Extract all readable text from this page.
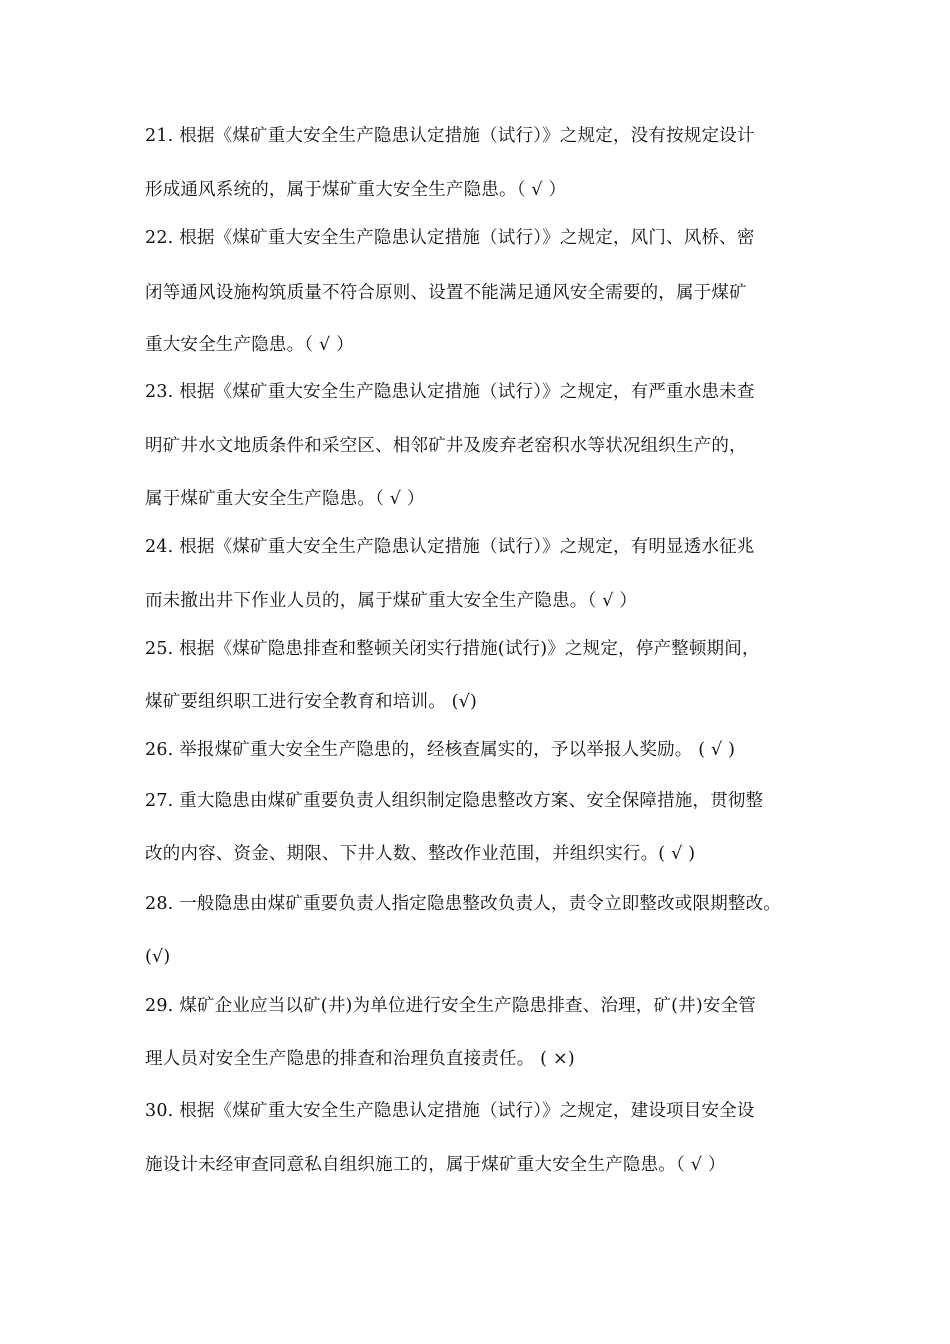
21. 根据《煤矿重大安全生产隐患认定措施（试行）》之规定，没有按规定设计
形成通风系统的，属于煤矿重大安全生产隐患。（ √ ）
22. 根据《煤矿重大安全生产隐患认定措施（试行）》之规定，风门、风桥、密
闭等通风设施构筑质量不符合原则、设置不能满足通风安全需要的，属于煤矿
重大安全生产隐患。（ √ ）
23. 根据《煤矿重大安全生产隐患认定措施（试行）》之规定，有严重水患未查
明矿井水文地质条件和采空区、相邻矿井及废弃老窑积水等状况组织生产的，
属于煤矿重大安全生产隐患。（ √ ）
24. 根据《煤矿重大安全生产隐患认定措施（试行）》之规定，有明显透水征兆
而未撤出井下作业人员的，属于煤矿重大安全生产隐患。（ √ ）
25. 根据《煤矿隐患排查和整顿关闭实行措施(试行)》之规定，停产整顿期间，
煤矿要组织职工进行安全教育和培训。 (√)
26. 举报煤矿重大安全生产隐患的，经核查属实的，予以举报人奖励。 ( √ )
27. 重大隐患由煤矿重要负责人组织制定隐患整改方案、安全保障措施，贯彻整
改的内容、资金、期限、下井人数、整改作业范围，并组织实行。( √ )
28. 一般隐患由煤矿重要负责人指定隐患整改负责人，责令立即整改或限期整改。
(√)
29. 煤矿企业应当以矿(井)为单位进行安全生产隐患排查、治理，矿(井)安全管
理人员对安全生产隐患的排查和治理负直接责任。 ( ×)
30. 根据《煤矿重大安全生产隐患认定措施（试行）》之规定，建设项目安全设
施设计未经审查同意私自组织施工的，属于煤矿重大安全生产隐患。（ √ ）
